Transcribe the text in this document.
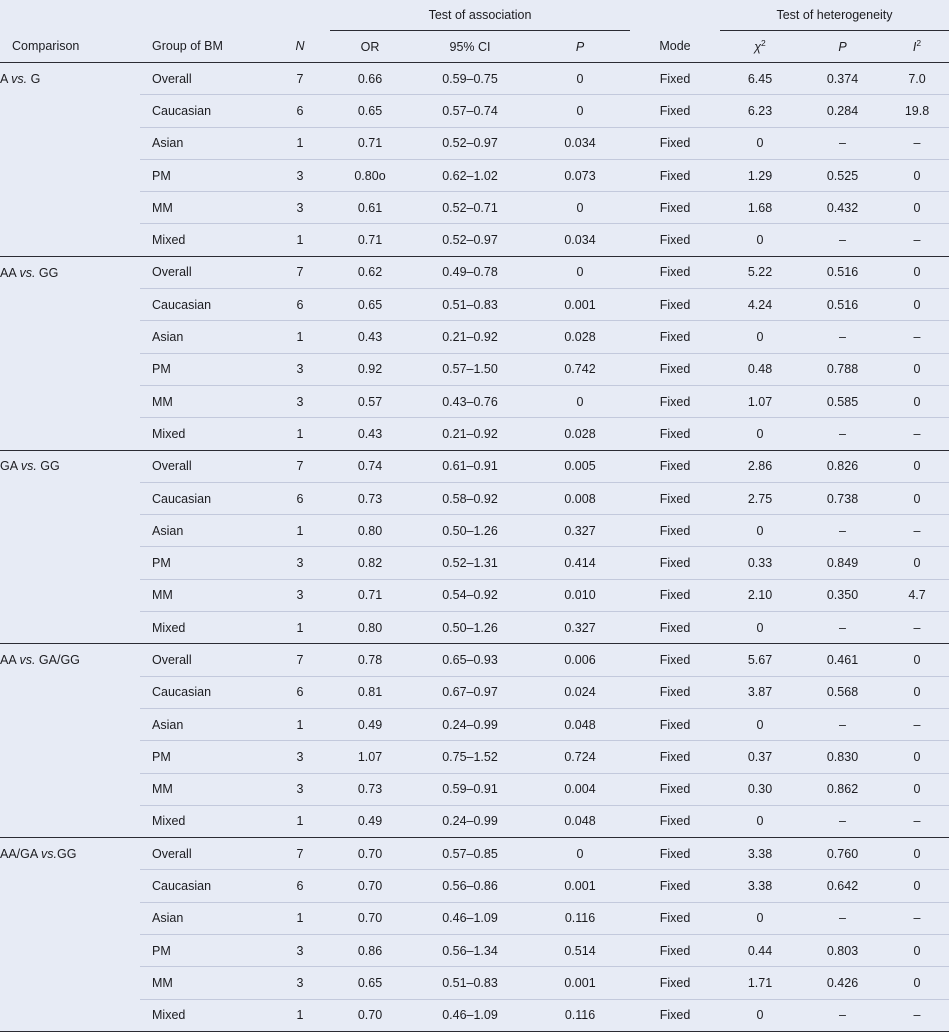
			Test of association				Test of heterogeneity		
Comparison	Group of BM	N	OR	95% CI	P	Mode	$\chi^2$	P	$I^2$
A vs. G	Overall	7	0.66	0.59–0.75	0	Fixed	6.45	0.374	7.0
	Caucasian	6	0.65	0.57–0.74	0	Fixed	6.23	0.284	19.8
	Asian	1	0.71	0.52–0.97	0.034	Fixed	0	–	–
	PM	3	0.80o	0.62–1.02	0.073	Fixed	1.29	0.525	0
	MM	3	0.61	0.52–0.71	0	Fixed	1.68	0.432	0
	Mixed	1	0.71	0.52–0.97	0.034	Fixed	0	–	–
AA vs. GG	Overall	7	0.62	0.49–0.78	0	Fixed	5.22	0.516	0
	Caucasian	6	0.65	0.51–0.83	0.001	Fixed	4.24	0.516	0
	Asian	1	0.43	0.21–0.92	0.028	Fixed	0	–	–
	PM	3	0.92	0.57–1.50	0.742	Fixed	0.48	0.788	0
	MM	3	0.57	0.43–0.76	0	Fixed	1.07	0.585	0
	Mixed	1	0.43	0.21–0.92	0.028	Fixed	0	–	–
GA vs. GG	Overall	7	0.74	0.61–0.91	0.005	Fixed	2.86	0.826	0
	Caucasian	6	0.73	0.58–0.92	0.008	Fixed	2.75	0.738	0
	Asian	1	0.80	0.50–1.26	0.327	Fixed	0	–	–
	PM	3	0.82	0.52–1.31	0.414	Fixed	0.33	0.849	0
	MM	3	0.71	0.54–0.92	0.010	Fixed	2.10	0.350	4.7
	Mixed	1	0.80	0.50–1.26	0.327	Fixed	0	–	–
AA vs. GA/GG	Overall	7	0.78	0.65–0.93	0.006	Fixed	5.67	0.461	0
	Caucasian	6	0.81	0.67–0.97	0.024	Fixed	3.87	0.568	0
	Asian	1	0.49	0.24–0.99	0.048	Fixed	0	–	–
	PM	3	1.07	0.75–1.52	0.724	Fixed	0.37	0.830	0
	MM	3	0.73	0.59–0.91	0.004	Fixed	0.30	0.862	0
	Mixed	1	0.49	0.24–0.99	0.048	Fixed	0	–	–
AA/GA vs.GG	Overall	7	0.70	0.57–0.85	0	Fixed	3.38	0.760	0
	Caucasian	6	0.70	0.56–0.86	0.001	Fixed	3.38	0.642	0
	Asian	1	0.70	0.46–1.09	0.116	Fixed	0	–	–
	PM	3	0.86	0.56–1.34	0.514	Fixed	0.44	0.803	0
	MM	3	0.65	0.51–0.83	0.001	Fixed	1.71	0.426	0
	Mixed	1	0.70	0.46–1.09	0.116	Fixed	0	–	–
